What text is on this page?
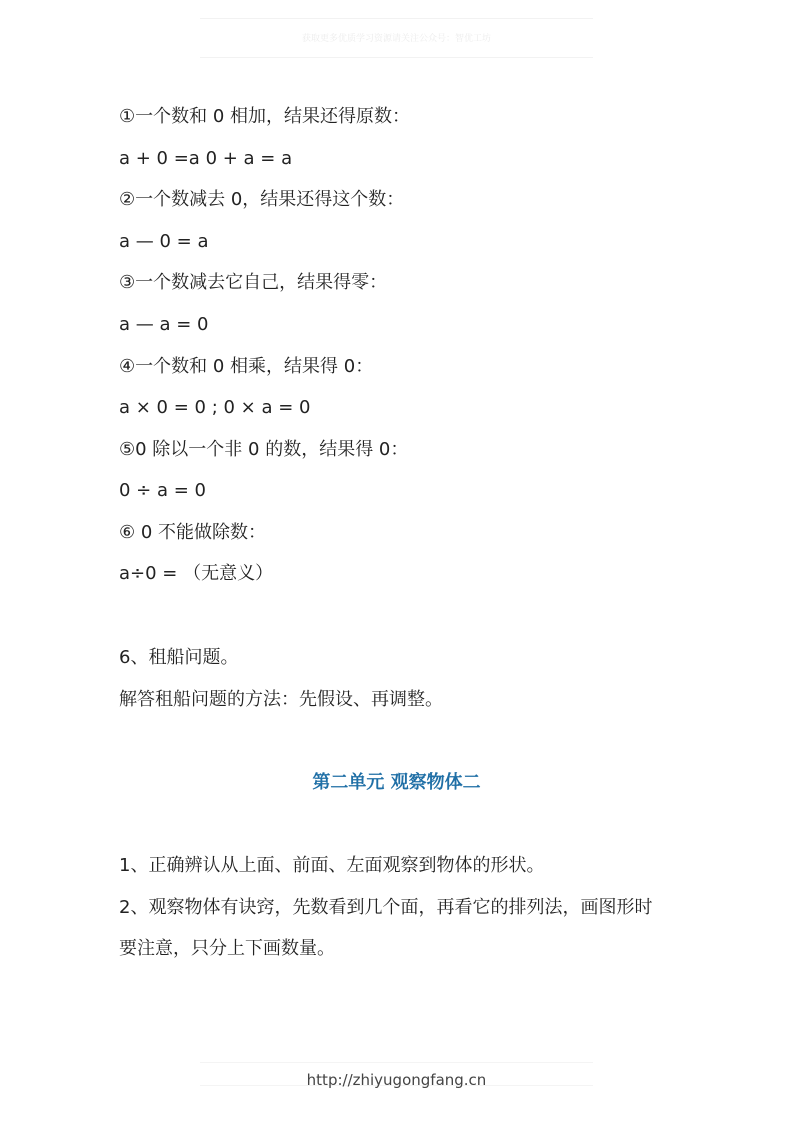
获取更多优质学习资源请关注公众号：智优工坊
①一个数和 0 相加，结果还得原数：
a + 0 =a 0 + a = a
②一个数减去 0，结果还得这个数：
a — 0 = a
③一个数减去它自己，结果得零：
a — a = 0
④一个数和 0 相乘，结果得 0：
a × 0 = 0 ; 0 × a = 0
⑤0 除以一个非 0 的数，结果得 0：
0 ÷ a = 0
⑥ 0 不能做除数：
a÷0 = （无意义）
6、租船问题。
解答租船问题的方法：先假设、再调整。
第二单元 观察物体二
1、正确辨认从上面、前面、左面观察到物体的形状。
2、观察物体有诀窍，先数看到几个面，再看它的排列法，画图形时
要注意，只分上下画数量。
http://zhiyugongfang.cn
